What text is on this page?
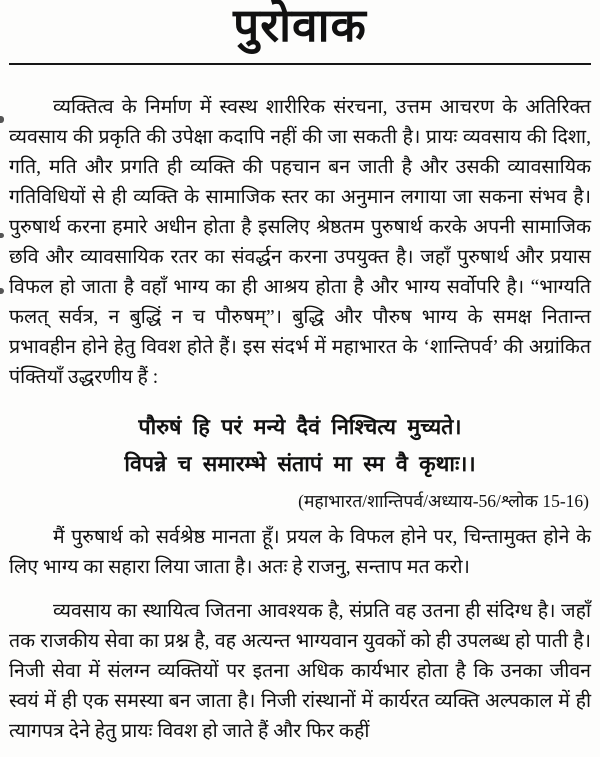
पुरोवाक

व्यक्तित्व के निर्माण में स्वस्थ शारीरिक संरचना, उत्तम आचरण के अतिरिक्त व्यवसाय की प्रकृति की उपेक्षा कदापि नहीं की जा सकती है। प्रायः व्यवसाय की दिशा, गति, मति और प्रगति ही व्यक्ति की पहचान बन जाती है और उसकी व्यावसायिक गतिविधियों से ही व्यक्ति के सामाजिक स्तर का अनुमान लगाया जा सकना संभव है। पुरुषार्थ करना हमारे अधीन होता है इसलिए श्रेष्ठतम पुरुषार्थ करके अपनी सामाजिक छवि और व्यावसायिक रतर का संवर्द्धन करना उपयुक्त है। जहाँ पुरुषार्थ और प्रयास विफल हो जाता है वहाँ भाग्य का ही आश्रय होता है और भाग्य सर्वोपरि है। “भाग्यति फलत् सर्वत्र, न बुद्धिं न च पौरुषम्”। बुद्धि और पौरुष भाग्य के समक्ष नितान्त प्रभावहीन होने हेतु विवश होते हैं। इस संदर्भ में महाभारत के ‘शान्तिपर्व’ की अग्रांकित पंक्तियाँ उद्धरणीय हैं :

पौरुषं हि परं मन्ये दैवं निश्चित्य मुच्यते।
विपन्ने च समारम्भे संतापं मा स्म वै कृथाः।।
(महाभारत/शान्तिपर्व/अध्याय-56/श्लोक 15-16)

मैं पुरुषार्थ को सर्वश्रेष्ठ मानता हूँ। प्रयल के विफल होने पर, चिन्तामुक्त होने के लिए भाग्य का सहारा लिया जाता है। अतः हे राजनु, सन्ताप मत करो।

व्यवसाय का स्थायित्व जितना आवश्यक है, संप्रति वह उतना ही संदिग्ध है। जहाँ तक राजकीय सेवा का प्रश्न है, वह अत्यन्त भाग्यवान युवकों को ही उपलब्ध हो पाती है। निजी सेवा में संलग्न व्यक्तियों पर इतना अधिक कार्यभार होता है कि उनका जीवन स्वयं में ही एक समस्या बन जाता है। निजी रांस्थानों में कार्यरत व्यक्ति अल्पकाल में ही त्यागपत्र देने हेतु प्रायः विवश हो जाते हैं और फिर कहीं
